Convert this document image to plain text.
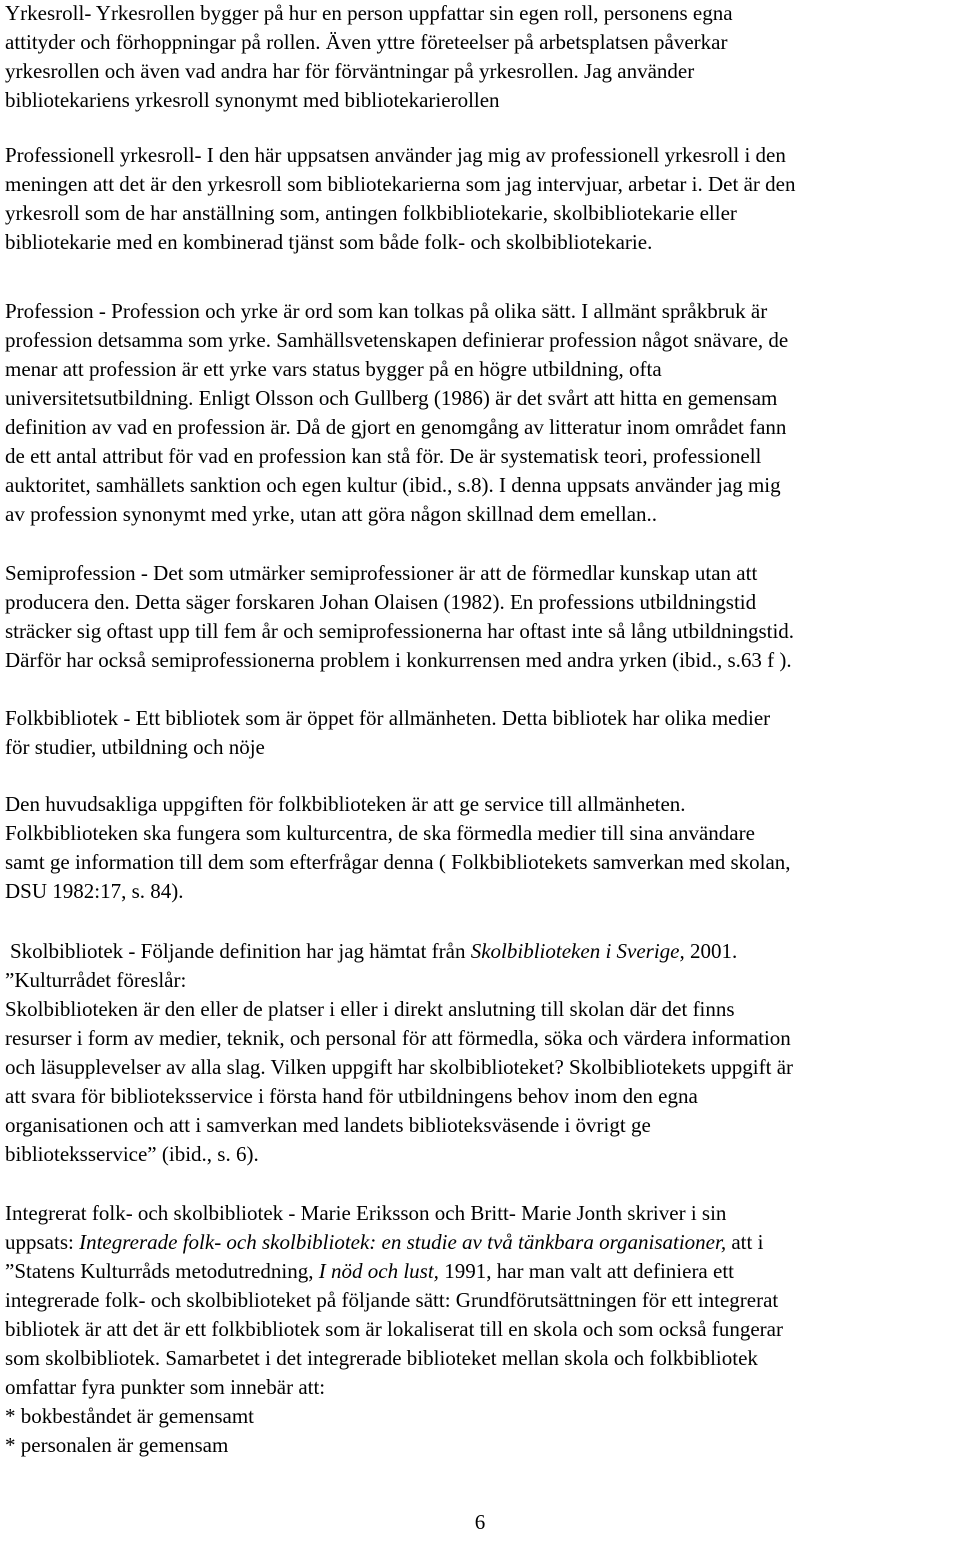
Yrkesroll- Yrkesrollen bygger på hur en person uppfattar sin egen roll, personens egna
attityder och förhoppningar på rollen. Även yttre företeelser på arbetsplatsen påverkar
yrkesrollen och även vad andra har för förväntningar på yrkesrollen. Jag använder
bibliotekariens yrkesroll synonymt med bibliotekarierollen

Professionell yrkesroll- I den här uppsatsen använder jag mig av professionell yrkesroll i den
meningen att det är den yrkesroll som bibliotekarierna som jag intervjuar, arbetar i. Det är den
yrkesroll som de har anställning som, antingen folkbibliotekarie, skolbibliotekarie eller
bibliotekarie med en kombinerad tjänst som både folk- och skolbibliotekarie.

Profession - Profession och yrke är ord som kan tolkas på olika sätt. I allmänt språkbruk är
profession detsamma som yrke. Samhällsvetenskapen definierar profession något snävare, de
menar att profession är ett yrke vars status bygger på en högre utbildning, ofta
universitetsutbildning. Enligt Olsson och Gullberg (1986) är det svårt att hitta en gemensam
definition av vad en profession är. Då de gjort en genomgång av litteratur inom området fann
de ett antal attribut för vad en profession kan stå för. De är systematisk teori, professionell
auktoritet, samhällets sanktion och egen kultur (ibid., s.8). I denna uppsats använder jag mig
av profession synonymt med yrke, utan att göra någon skillnad dem emellan..

Semiprofession - Det som utmärker semiprofessioner är att de förmedlar kunskap utan att
producera den. Detta säger forskaren Johan Olaisen (1982). En professions utbildningstid
sträcker sig oftast upp till fem år och semiprofessionerna har oftast inte så lång utbildningstid.
Därför har också semiprofessionerna problem i konkurrensen med andra yrken (ibid., s.63 f ).

Folkbibliotek - Ett bibliotek som är öppet för allmänheten. Detta bibliotek har olika medier
för studier, utbildning och nöje

Den huvudsakliga uppgiften för folkbiblioteken är att ge service till allmänheten.
Folkbiblioteken ska fungera som kulturcentra, de ska förmedla medier till sina användare
samt ge information till dem som efterfrågar denna ( Folkbibliotekets samverkan med skolan,
DSU 1982:17, s. 84).

Skolbibliotek - Följande definition har jag hämtat från Skolbiblioteken i Sverige, 2001.
”Kulturrådet föreslår:
Skolbiblioteken är den eller de platser i eller i direkt anslutning till skolan där det finns
resurser i form av medier, teknik, och personal för att förmedla, söka och värdera information
och läsupplevelser av alla slag. Vilken uppgift har skolbiblioteket? Skolbibliotekets uppgift är
att svara för biblioteksservice i första hand för utbildningens behov inom den egna
organisationen och att i samverkan med landets biblioteksväsende i övrigt ge
biblioteksservice” (ibid., s. 6).

Integrerat folk- och skolbibliotek - Marie Eriksson och Britt- Marie Jonth skriver i sin
uppsats: Integrerade folk- och skolbibliotek: en studie av två tänkbara organisationer, att i
”Statens Kulturråds metodutredning, I nöd och lust, 1991, har man valt att definiera ett
integrerade folk- och skolbiblioteket på följande sätt: Grundförutsättningen för ett integrerat
bibliotek är att det är ett folkbibliotek som är lokaliserat till en skola och som också fungerar
som skolbibliotek. Samarbetet i det integrerade biblioteket mellan skola och folkbibliotek
omfattar fyra punkter som innebär att:
* bokbeståndet är gemensamt
* personalen är gemensam

6
